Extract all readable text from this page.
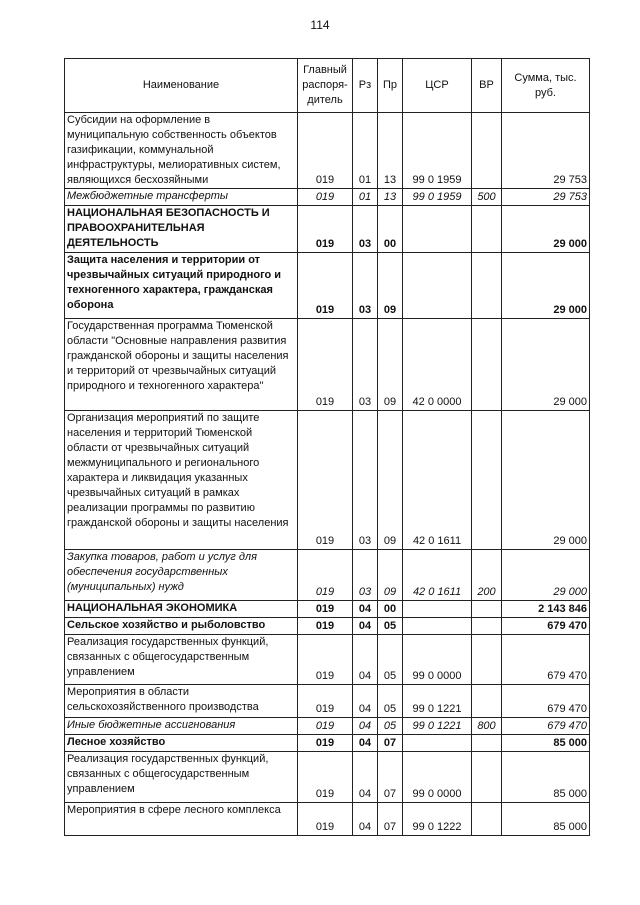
114
Наименование	Главный распоря- дитель	Рз	Пр	ЦСР	ВР	Сумма, тыс. руб.
Субсидии на оформление в муниципальную собственность объектов газификации, коммунальной инфраструктуры, мелиоративных систем, являющихся бесхозяйными	019	01	13	99 0 1959		29 753
Межбюджетные трансферты	019	01	13	99 0 1959	500	29 753
НАЦИОНАЛЬНАЯ БЕЗОПАСНОСТЬ И ПРАВООХРАНИТЕЛЬНАЯ ДЕЯТЕЛЬНОСТЬ	019	03	00			29 000
Защита населения и территории от чрезвычайных ситуаций природного и техногенного характера, гражданская оборона	019	03	09			29 000
Государственная программа Тюменской области "Основные направления развития гражданской обороны и защиты населения и территорий от чрезвычайных ситуаций природного и техногенного характера"	019	03	09	42 0 0000		29 000
Организация мероприятий по защите населения и территорий Тюменской области от чрезвычайных ситуаций межмуниципального и регионального характера и ликвидация указанных чрезвычайных ситуаций в рамках реализации программы по развитию гражданской обороны и защиты населения	019	03	09	42 0 1611		29 000
Закупка товаров, работ и услуг для обеспечения государственных (муниципальных) нужд	019	03	09	42 0 1611	200	29 000
НАЦИОНАЛЬНАЯ ЭКОНОМИКА	019	04	00			2 143 846
Сельское хозяйство и рыболовство	019	04	05			679 470
Реализация государственных функций, связанных с общегосударственным управлением	019	04	05	99 0 0000		679 470
Мероприятия в области сельскохозяйственного производства	019	04	05	99 0 1221		679 470
Иные бюджетные ассигнования	019	04	05	99 0 1221	800	679 470
Лесное хозяйство	019	04	07			85 000
Реализация государственных функций, связанных с общегосударственным управлением	019	04	07	99 0 0000		85 000
Мероприятия в сфере лесного комплекса	019	04	07	99 0 1222		85 000
